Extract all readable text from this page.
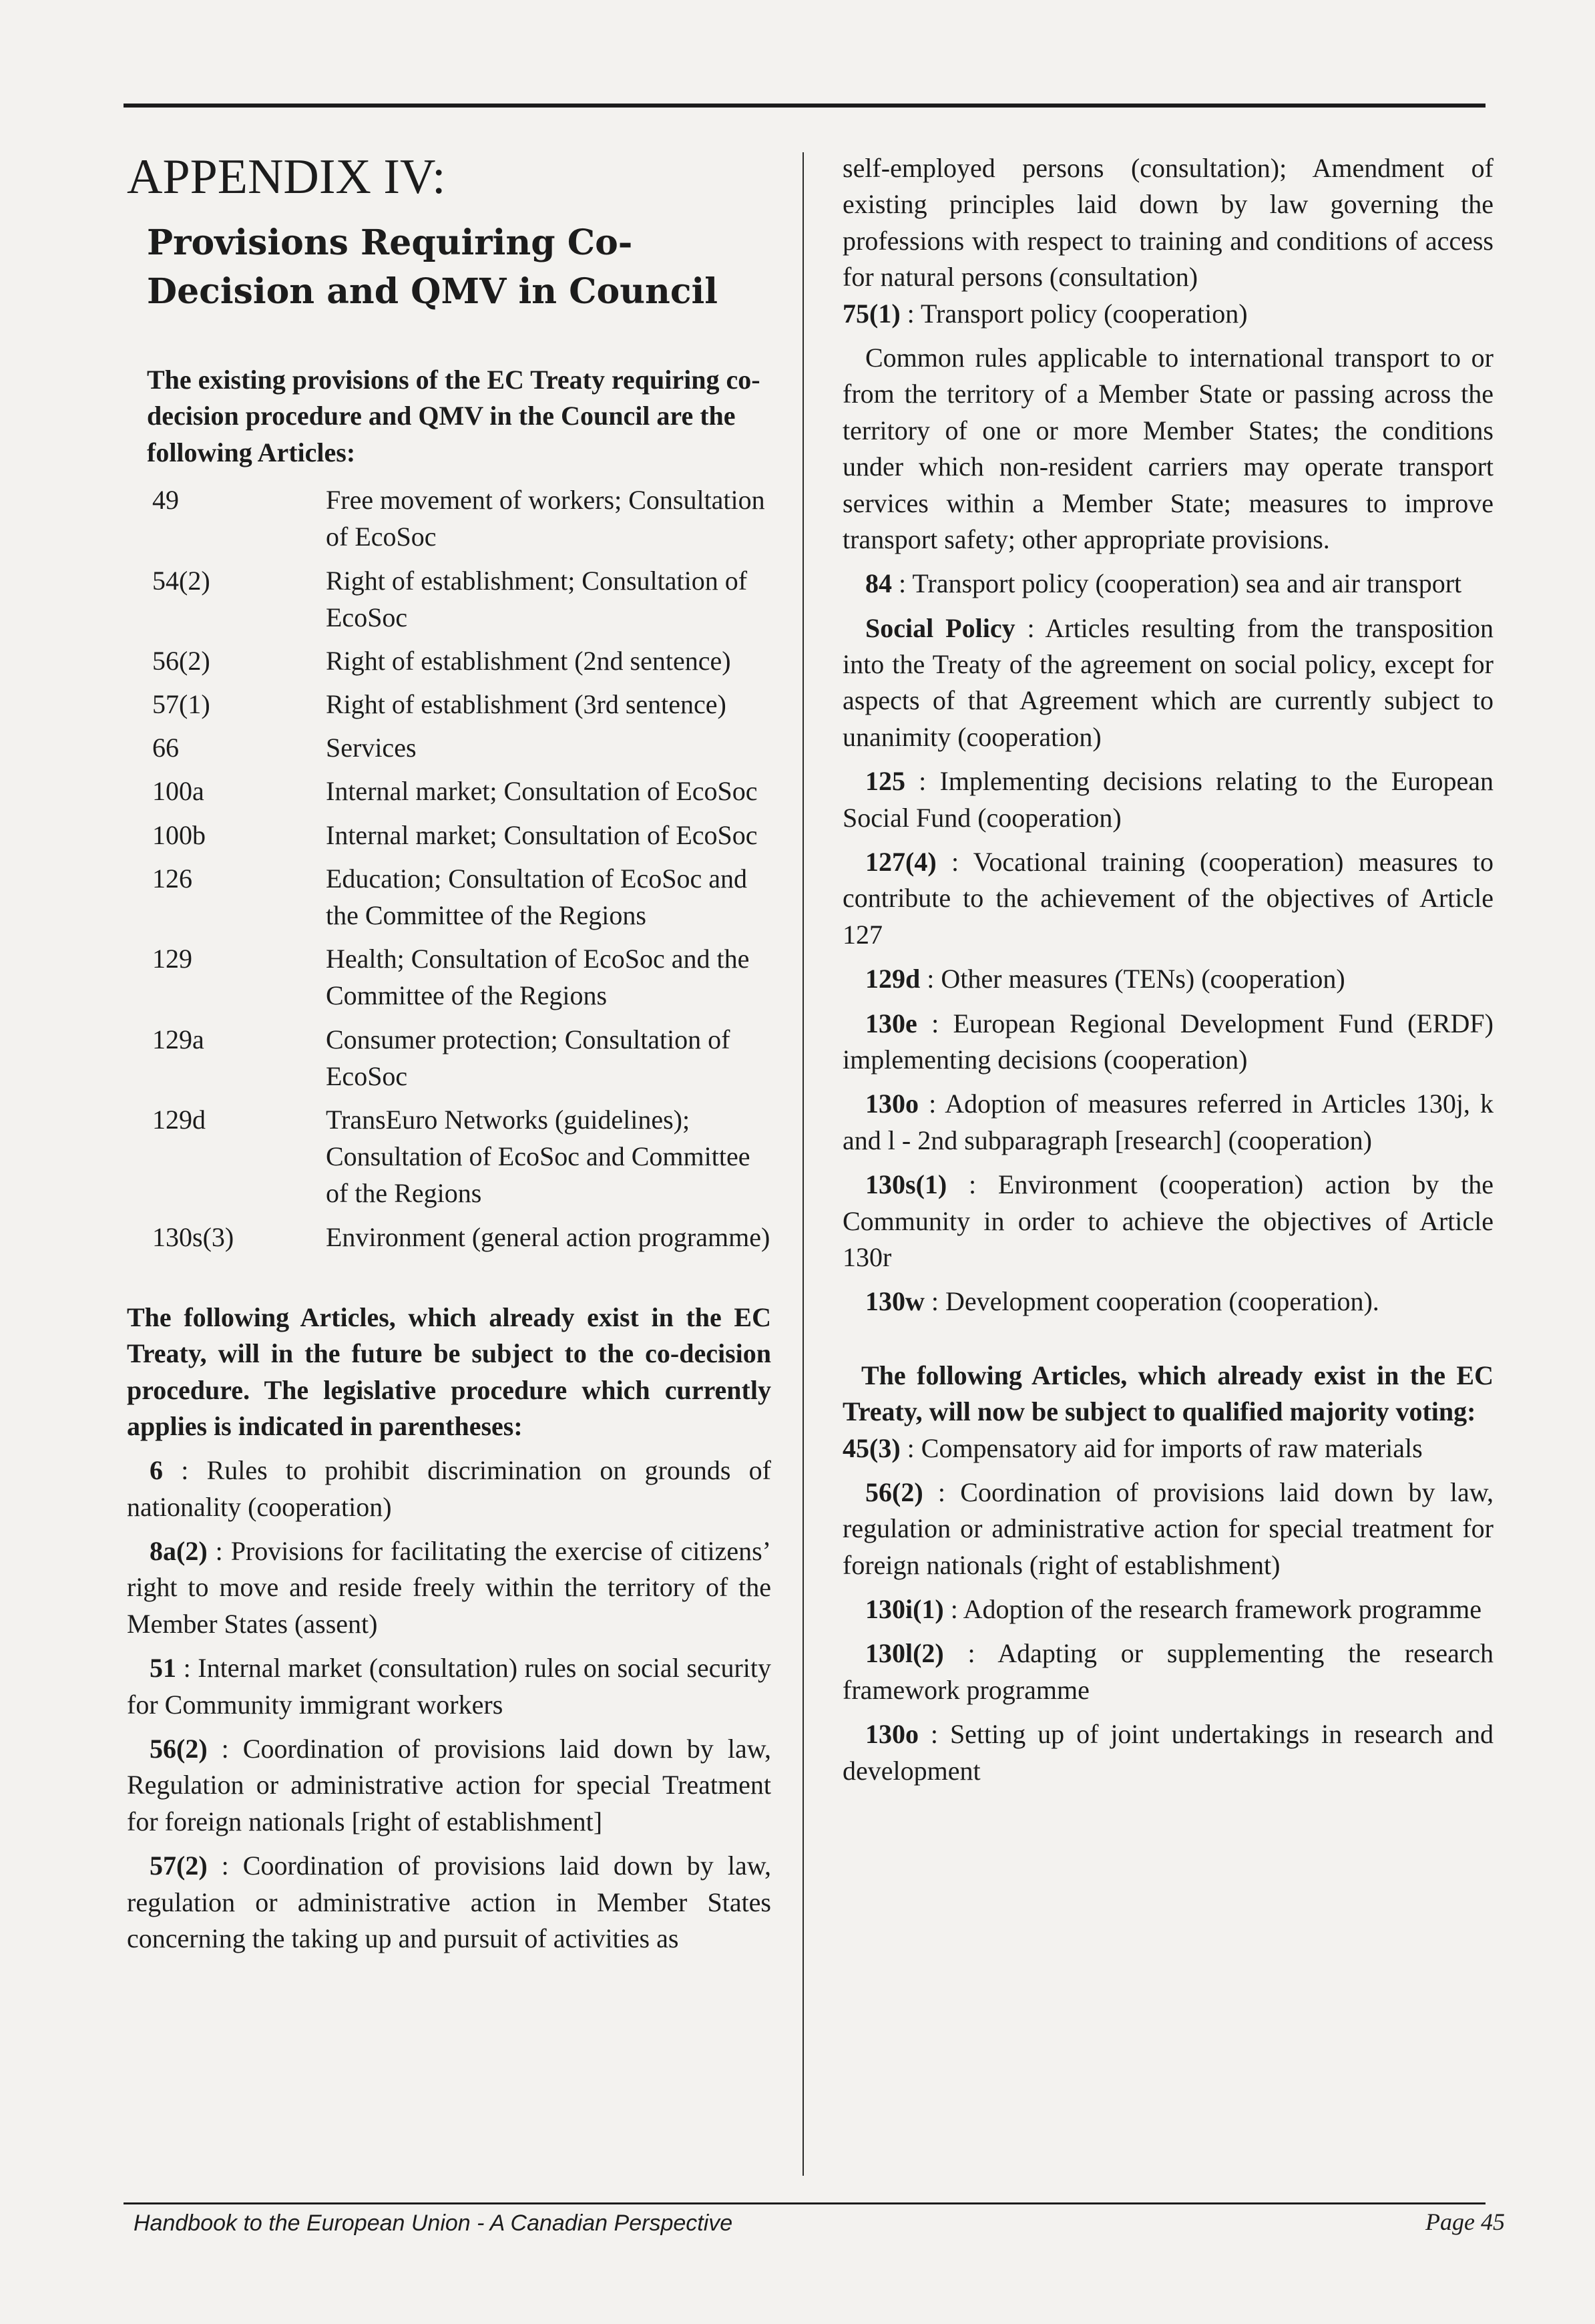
APPENDIX IV:
Provisions Requiring Co-Decision and QMV in Council

The existing provisions of the EC Treaty requiring co-decision procedure and QMV in the Council are the following Articles:

49	Free movement of workers; Consultation of EcoSoc
54(2)	Right of establishment; Consultation of EcoSoc
56(2)	Right of establishment (2nd sentence)
57(1)	Right of establishment (3rd sentence)
66	Services
100a	Internal market; Consultation of EcoSoc
100b	Internal market; Consultation of EcoSoc
126	Education; Consultation of EcoSoc and the Committee of the Regions
129	Health; Consultation of EcoSoc and the Committee of the Regions
129a	Consumer protection; Consultation of EcoSoc
129d	TransEuro Networks (guidelines); Consultation of EcoSoc and Committee of the Regions
130s(3)	Environment (general action programme)

The following Articles, which already exist in the EC Treaty, will in the future be subject to the co-decision procedure. The legislative procedure which currently applies is indicated in parentheses:

6 : Rules to prohibit discrimination on grounds of nationality (cooperation)

8a(2) : Provisions for facilitating the exercise of citizens’ right to move and reside freely within the territory of the Member States (assent)

51 : Internal market (consultation) rules on social security for Community immigrant workers

56(2) : Coordination of provisions laid down by law, Regulation or administrative action for special Treatment for foreign nationals [right of establishment]

57(2) : Coordination of provisions laid down by law, regulation or administrative action in Member States concerning the taking up and pursuit of activities as

self-employed persons (consultation); Amendment of existing principles laid down by law governing the professions with respect to training and conditions of access for natural persons (consultation)

75(1) : Transport policy (cooperation)

Common rules applicable to international transport to or from the territory of a Member State or passing across the territory of one or more Member States; the conditions under which non-resident carriers may operate transport services within a Member State; measures to improve transport safety; other appropriate provisions.

84 : Transport policy (cooperation) sea and air transport

Social Policy : Articles resulting from the transposition into the Treaty of the agreement on social policy, except for aspects of that Agreement which are currently subject to unanimity (cooperation)

125 : Implementing decisions relating to the European Social Fund (cooperation)

127(4) : Vocational training (cooperation) measures to contribute to the achievement of the objectives of Article 127

129d : Other measures (TENs) (cooperation)

130e : European Regional Development Fund (ERDF) implementing decisions (cooperation)

130o : Adoption of measures referred in Articles 130j, k and l - 2nd subparagraph [research] (cooperation)

130s(1) : Environment (cooperation) action by the Community in order to achieve the objectives of Article 130r

130w : Development cooperation (cooperation).

The following Articles, which already exist in the EC Treaty, will now be subject to qualified majority voting:

45(3) : Compensatory aid for imports of raw materials

56(2) : Coordination of provisions laid down by law, regulation or administrative action for special treatment for foreign nationals (right of establishment)

130i(1) : Adoption of the research framework programme

130l(2) : Adapting or supplementing the research framework programme

130o : Setting up of joint undertakings in research and development

Handbook to the European Union - A Canadian Perspective	Page 45
